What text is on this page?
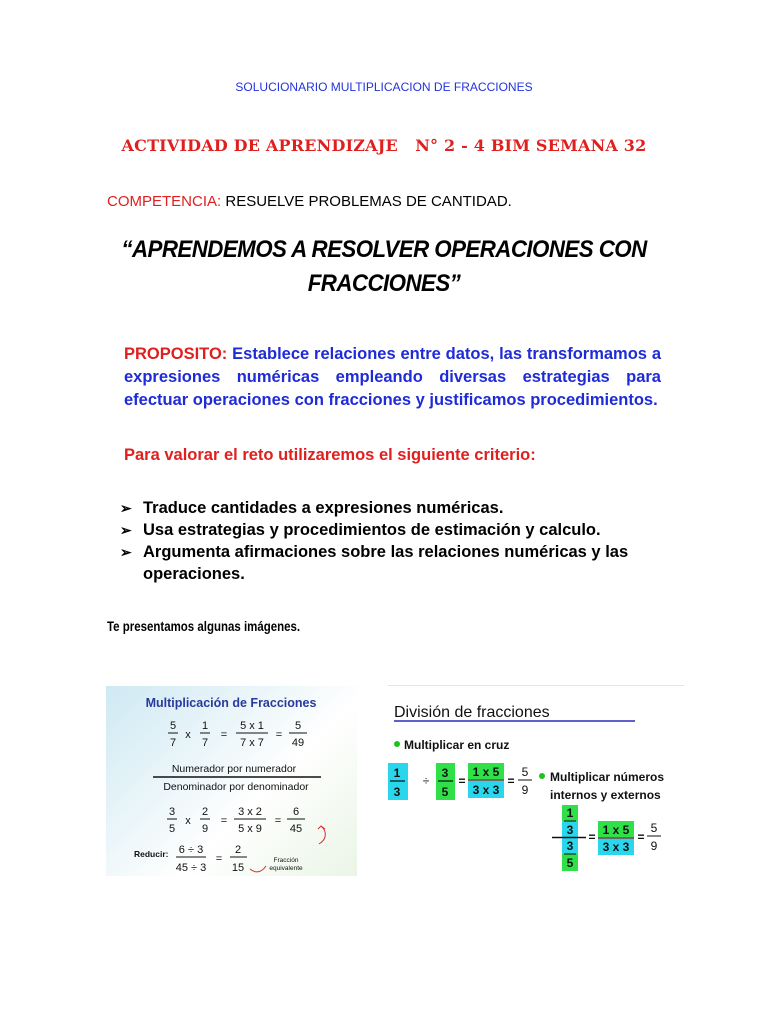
SOLUCIONARIO MULTIPLICACION DE FRACCIONES
ACTIVIDAD DE APRENDIZAJE   N° 2 - 4 BIM SEMANA 32
COMPETENCIA: RESUELVE PROBLEMAS DE CANTIDAD.
“APRENDEMOS A RESOLVER OPERACIONES CON
FRACCIONES”
PROPOSITO: Establece relaciones entre datos, las transformamos a expresiones numéricas empleando diversas estrategias para efectuar operaciones con fracciones y justificamos procedimientos.
Para valorar el reto utilizaremos el siguiente criterio:
➢ Traduce cantidades a expresiones numéricas.
➢ Usa estrategias y procedimientos de estimación y calculo.
➢ Argumenta afirmaciones sobre las relaciones numéricas y las operaciones.
Te presentamos algunas imágenes.
Multiplicación de Fracciones
5
7
x
1
7
=
5 x 1
7 x 7
=
5
49
Numerador por numerador
Denominador por denominador
3
5
x
2
9
=
3 x 2
5 x 9
=
6
45
Reducir: 6 ÷ 3
45 ÷ 3
=
2
15
Fracción
equivalente
División de fracciones
Multiplicar en cruz
1
3
÷
3
5
=
1 x 5
3 x 3
=
5
9
Multiplicar números
internos y externos
1
3
3
5
= 1 x 5
3 x 3
=
5
9
